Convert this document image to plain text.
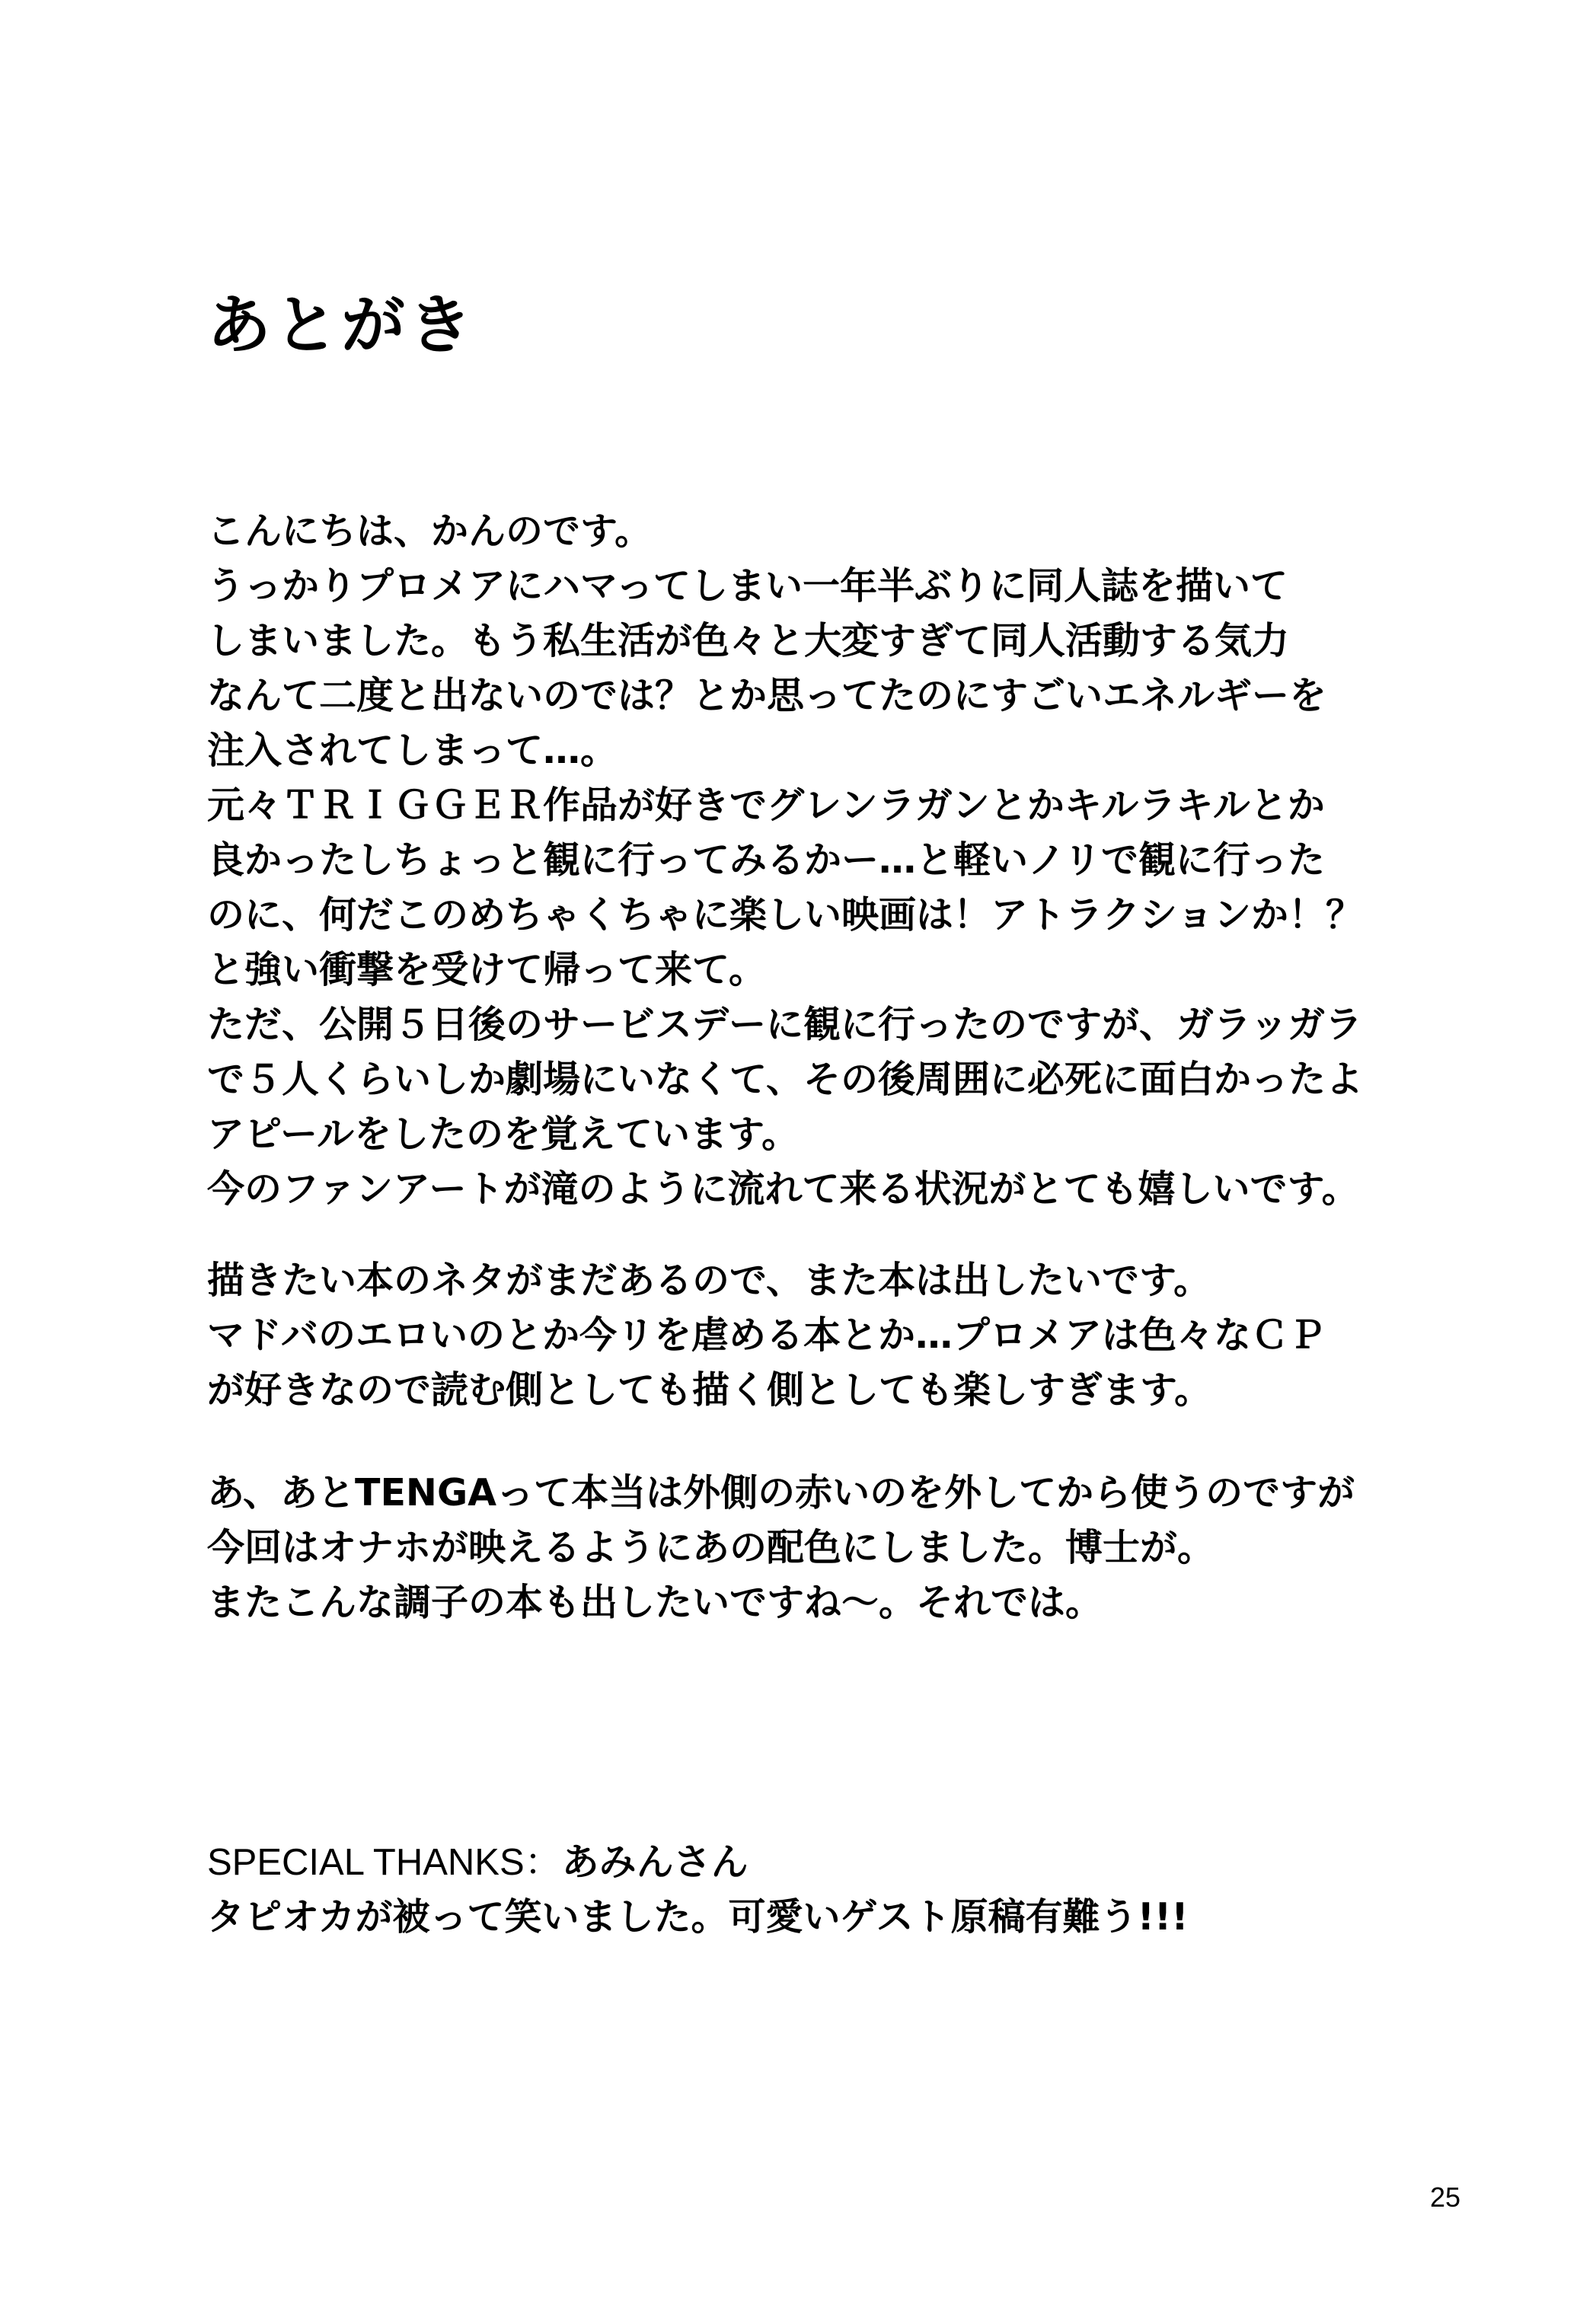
あとがき
こんにちは、かんのです。
うっかりプロメアにハマってしまい一年半ぶりに同人誌を描いて
しまいました。もう私生活が色々と大変すぎて同人活動する気力
なんて二度と出ないのでは？とか思ってたのにすごいエネルギーを
注入されてしまって…。
元々ＴＲＩＧＧＥＲ作品が好きでグレンラガンとかキルラキルとか
良かったしちょっと観に行ってみるかー…と軽いノリで観に行った
のに、何だこのめちゃくちゃに楽しい映画は！アトラクションか！？
と強い衝撃を受けて帰って来て。
ただ、公開５日後のサービスデーに観に行ったのですが、ガラッガラ
で５人くらいしか劇場にいなくて、その後周囲に必死に面白かったよ
アピールをしたのを覚えています。
今のファンアートが滝のように流れて来る状況がとても嬉しいです。
描きたい本のネタがまだあるので、また本は出したいです。
マドバのエロいのとか今リを虐める本とか…プロメアは色々なＣＰ
が好きなので読む側としても描く側としても楽しすぎます。
あ、あとTENGAって本当は外側の赤いのを外してから使うのですが
今回はオナホが映えるようにあの配色にしました。博士が。
またこんな調子の本も出したいですね〜。それでは。
SPECIAL THANKS：あみんさん
タピオカが被って笑いました。可愛いゲスト原稿有難う!!!
25
